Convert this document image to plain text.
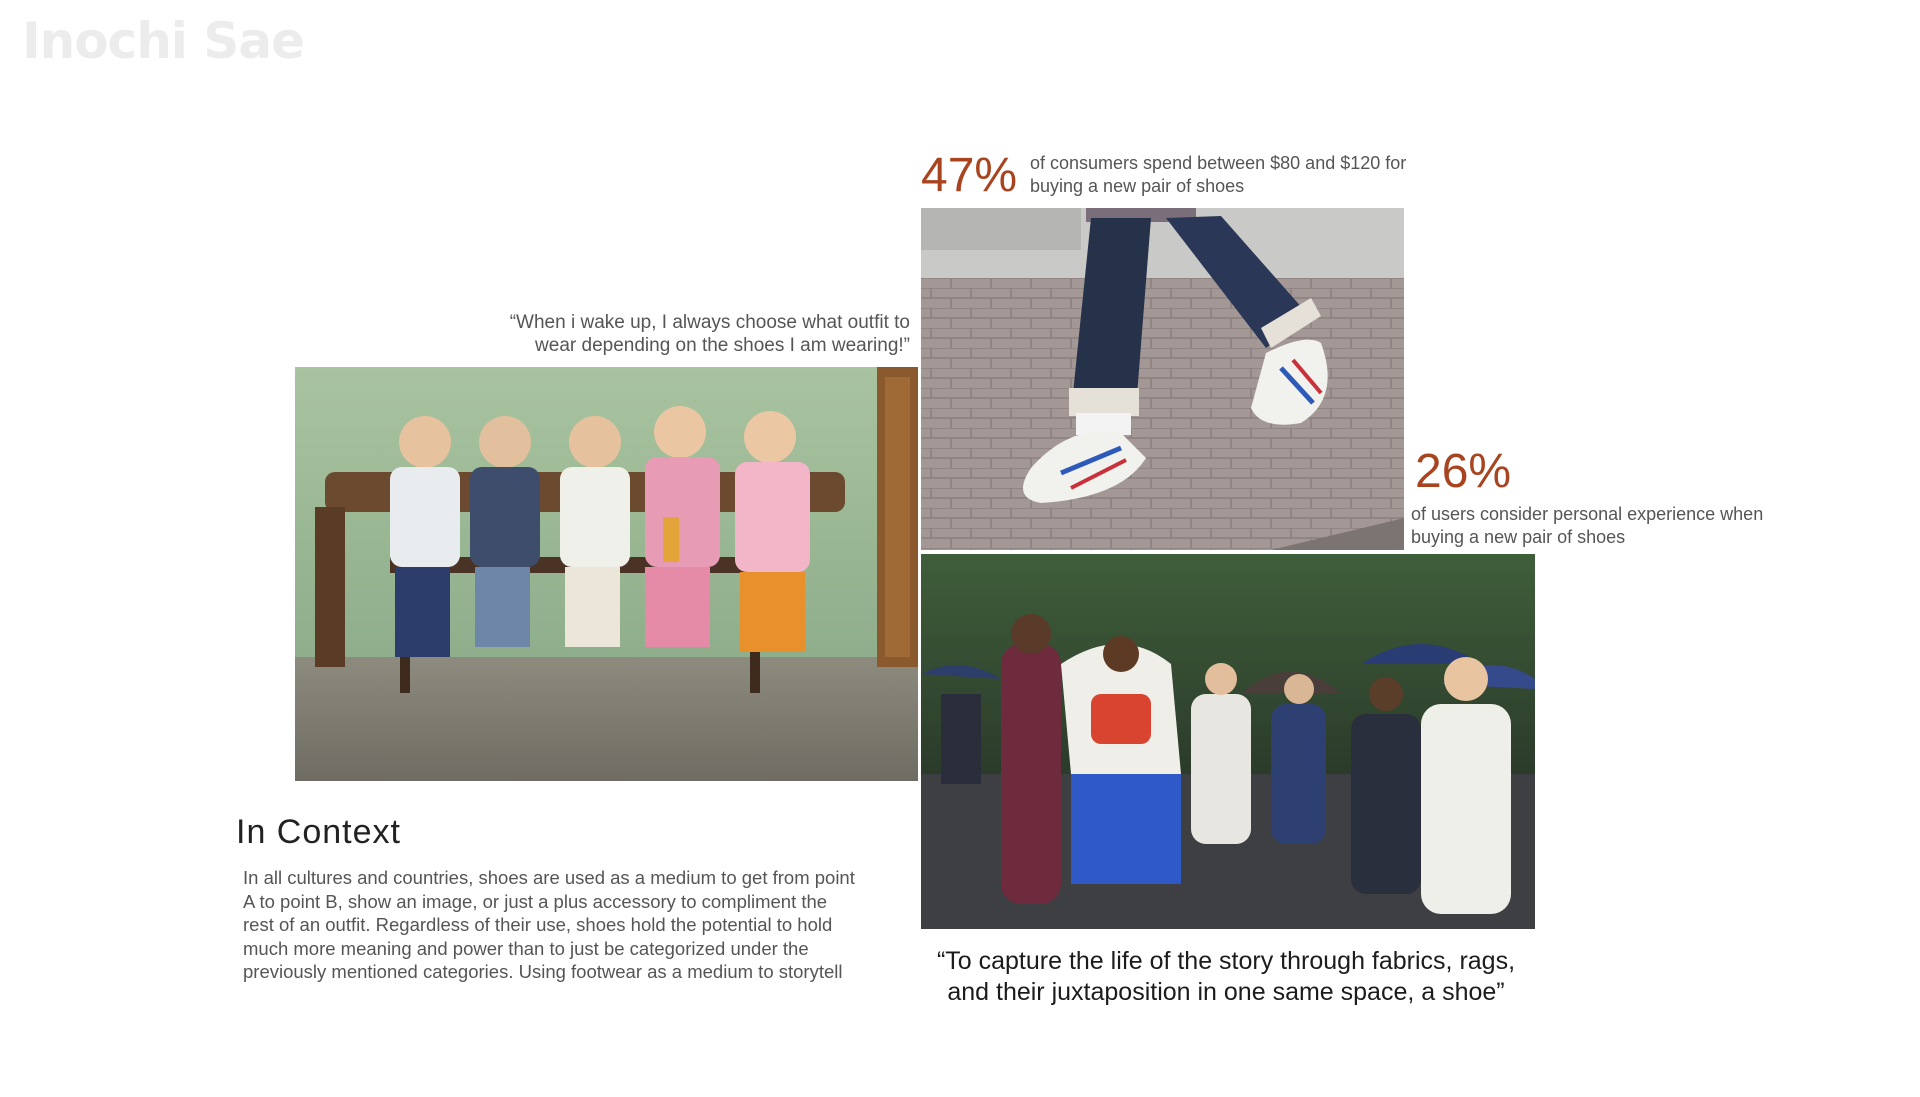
Inochi Sae
“When i wake up, I always choose what outfit to wear depending on the shoes I am wearing!”
47% of consumers spend between $80 and $120 for buying a new pair of shoes
26%
of users consider personal experience when buying a new pair of shoes
In Context
In all cultures and countries, shoes are used as a medium to get from point A to point B, show an image, or just a plus accessory to compliment the rest of an outfit. Regardless of their use, shoes hold the potential to hold much more meaning and power than to just be categorized under the previously mentioned categories. Using footwear as a medium to storytell	“To capture the life of the story through fabrics, rags, and their juxtaposition in one same space, a shoe”
